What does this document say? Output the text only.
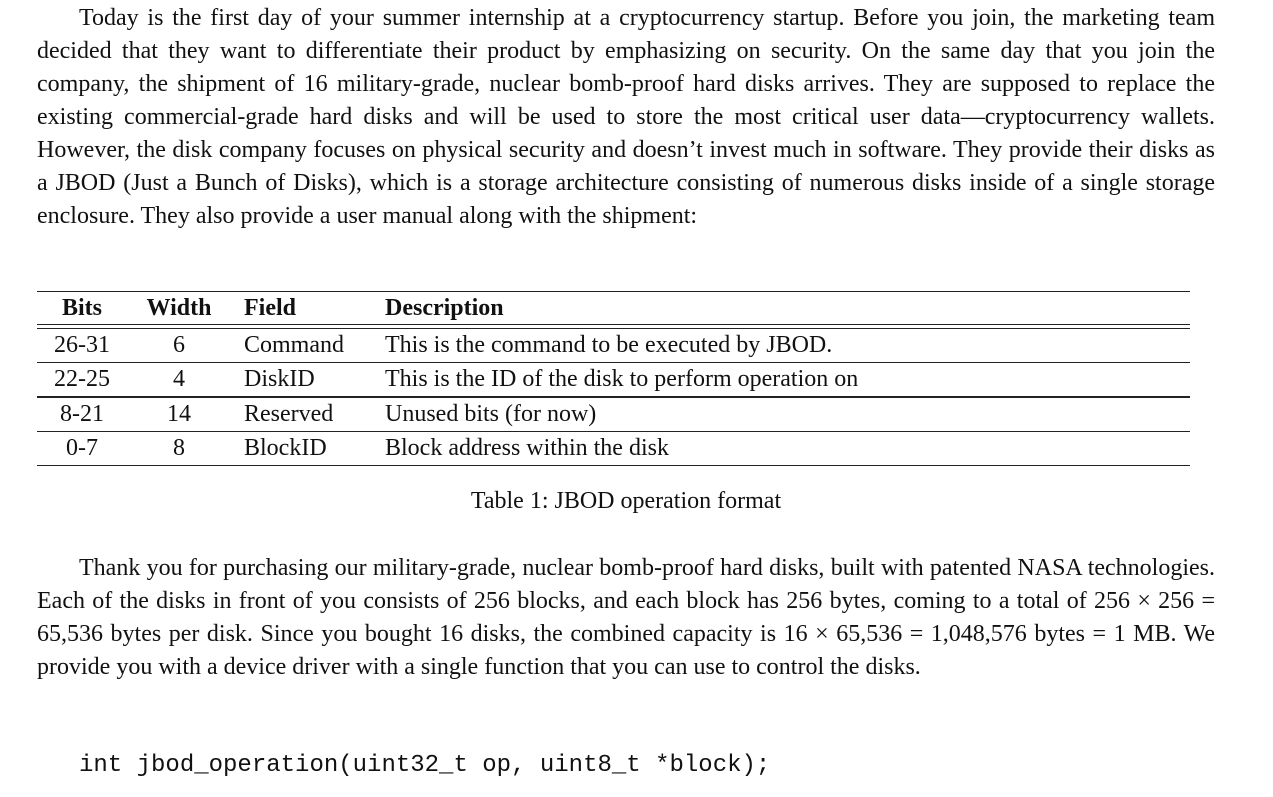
Today is the first day of your summer internship at a cryptocurrency startup. Before you join, the marketing team decided that they want to differentiate their product by emphasizing on security. On the same day that you join the company, the shipment of 16 military-grade, nuclear bomb-proof hard disks arrives. They are supposed to replace the existing commercial-grade hard disks and will be used to store the most critical user data—cryptocurrency wallets. However, the disk company focuses on physical security and doesn’t invest much in software. They provide their disks as a JBOD (Just a Bunch of Disks), which is a storage architecture consisting of numerous disks inside of a single storage enclosure. They also provide a user manual along with the shipment:

Bits	Width	Field	Description
26-31	6	Command	This is the command to be executed by JBOD.
22-25	4	DiskID	This is the ID of the disk to perform operation on
8-21	14	Reserved	Unused bits (for now)
0-7	8	BlockID	Block address within the disk
Table 1: JBOD operation format

Thank you for purchasing our military-grade, nuclear bomb-proof hard disks, built with patented NASA technologies. Each of the disks in front of you consists of 256 blocks, and each block has 256 bytes, coming to a total of 256 × 256 = 65,536 bytes per disk. Since you bought 16 disks, the combined capacity is 16 × 65,536 = 1,048,576 bytes = 1 MB. We provide you with a device driver with a single function that you can use to control the disks.

int jbod_operation(uint32_t op, uint8_t *block);
